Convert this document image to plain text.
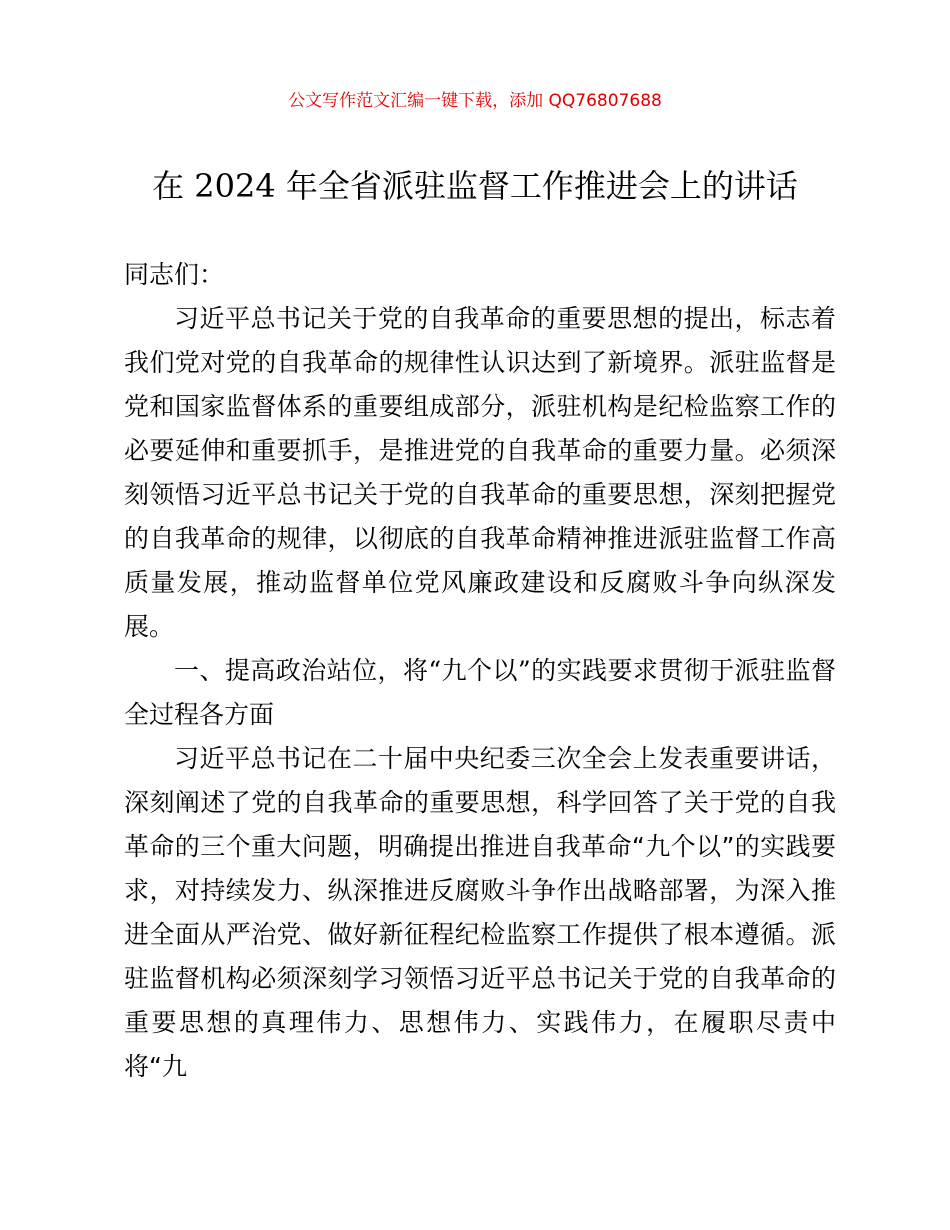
公文写作范文汇编一键下载，添加 QQ76807688
在 2024 年全省派驻监督工作推进会上的讲话

同志们：

习近平总书记关于党的自我革命的重要思想的提出，标志着我们党对党的自我革命的规律性认识达到了新境界。派驻监督是党和国家监督体系的重要组成部分，派驻机构是纪检监察工作的必要延伸和重要抓手，是推进党的自我革命的重要力量。必须深刻领悟习近平总书记关于党的自我革命的重要思想，深刻把握党的自我革命的规律，以彻底的自我革命精神推进派驻监督工作高质量发展，推动监督单位党风廉政建设和反腐败斗争向纵深发展。

一、提高政治站位，将“九个以”的实践要求贯彻于派驻监督全过程各方面

习近平总书记在二十届中央纪委三次全会上发表重要讲话，深刻阐述了党的自我革命的重要思想，科学回答了关于党的自我革命的三个重大问题，明确提出推进自我革命“九个以”的实践要求，对持续发力、纵深推进反腐败斗争作出战略部署，为深入推进全面从严治党、做好新征程纪检监察工作提供了根本遵循。派驻监督机构必须深刻学习领悟习近平总书记关于党的自我革命的重要思想的真理伟力、思想伟力、实践伟力，在履职尽责中将“九
